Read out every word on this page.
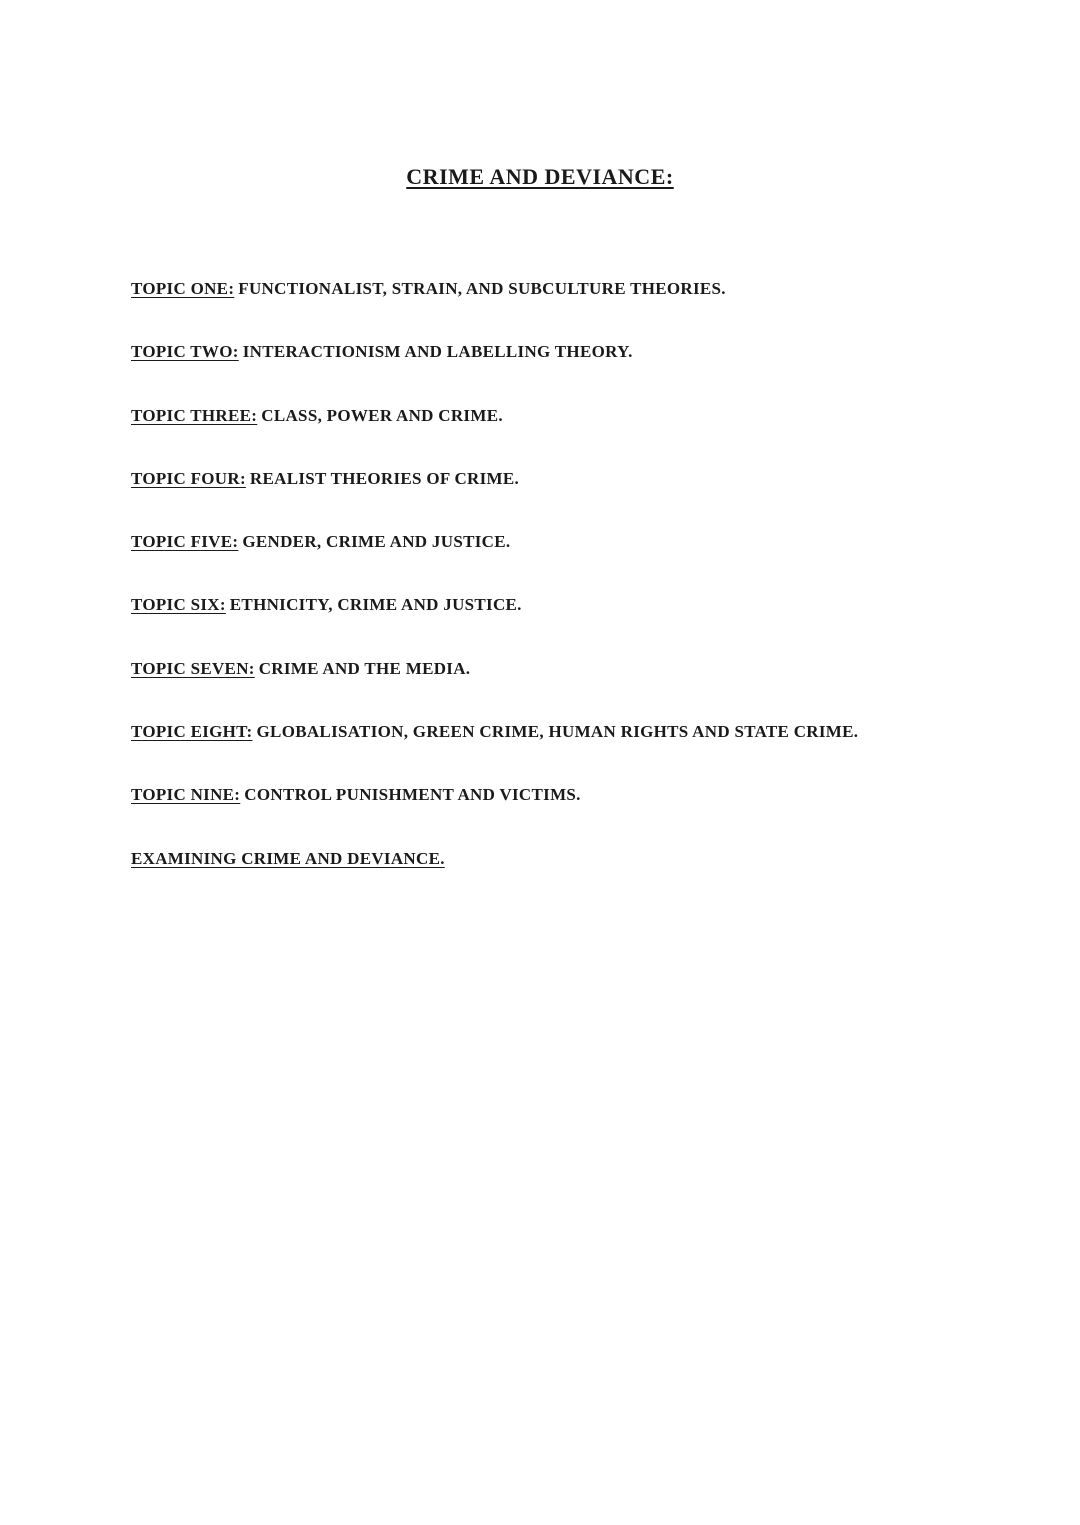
CRIME AND DEVIANCE:
TOPIC ONE: FUNCTIONALIST, STRAIN, AND SUBCULTURE THEORIES.
TOPIC TWO: INTERACTIONISM AND LABELLING THEORY.
TOPIC THREE: CLASS, POWER AND CRIME.
TOPIC FOUR: REALIST THEORIES OF CRIME.
TOPIC FIVE: GENDER, CRIME AND JUSTICE.
TOPIC SIX: ETHNICITY, CRIME AND JUSTICE.
TOPIC SEVEN: CRIME AND THE MEDIA.
TOPIC EIGHT: GLOBALISATION, GREEN CRIME, HUMAN RIGHTS AND STATE CRIME.
TOPIC NINE: CONTROL PUNISHMENT AND VICTIMS.
EXAMINING CRIME AND DEVIANCE.
